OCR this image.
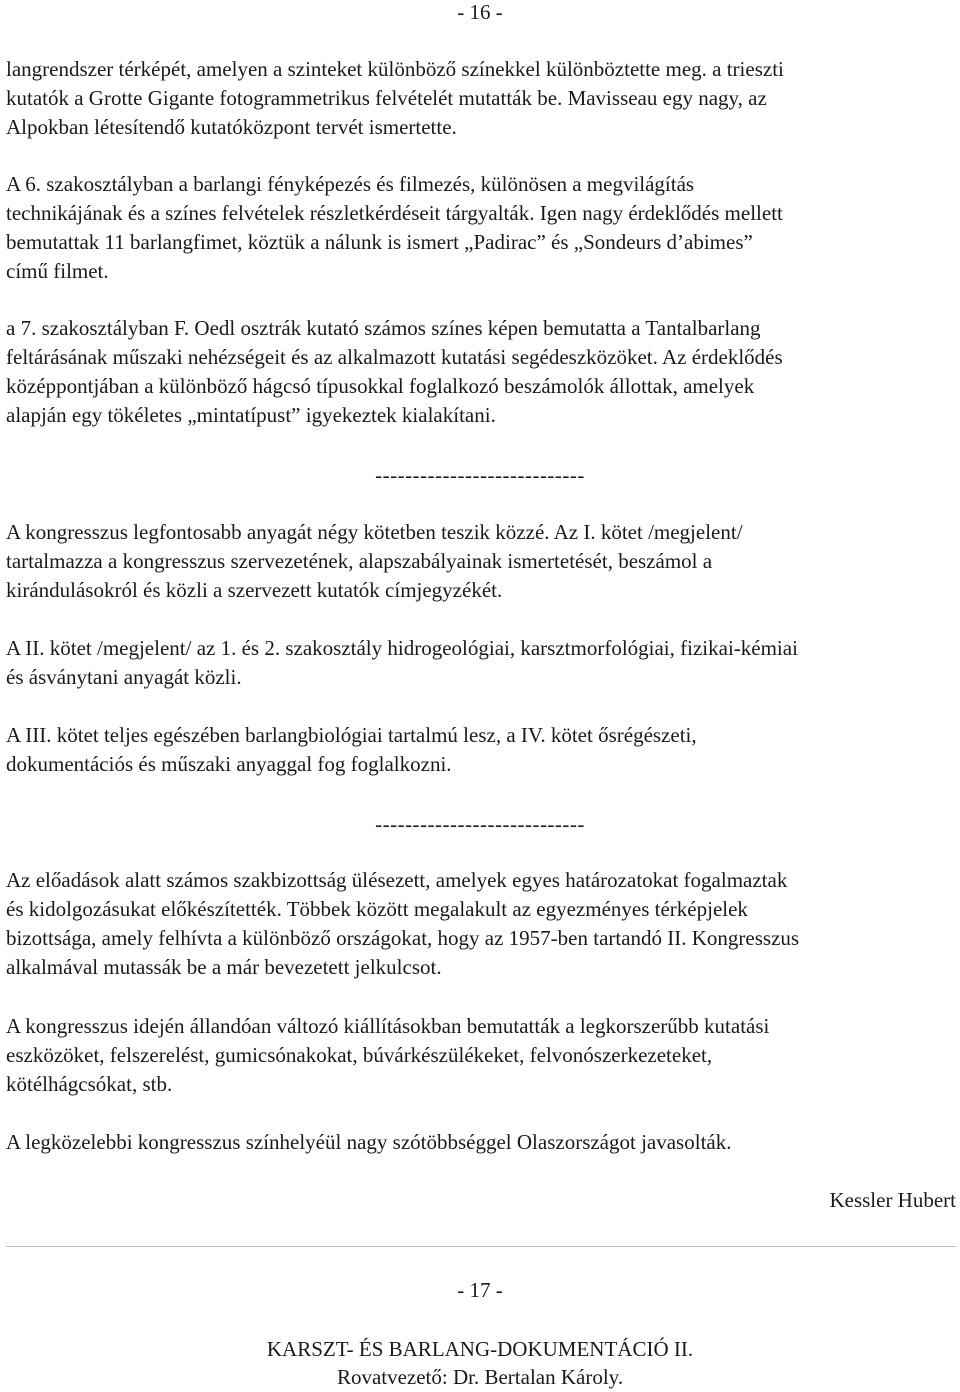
- 16 -
langrendszer térképét, amelyen a szinteket különböző színekkel különböztette meg. a trieszti
kutatók a Grotte Gigante fotogrammetrikus felvételét mutatták be. Mavisseau egy nagy, az
Alpokban létesítendő kutatóközpont tervét ismertette.
A 6. szakosztályban a barlangi fényképezés és filmezés, különösen a megvilágítás
technikájának és a színes felvételek részletkérdéseit tárgyalták. Igen nagy érdeklődés mellett
bemutattak 11 barlangfimet, köztük a nálunk is ismert „Padirac” és „Sondeurs d’abimes”
című filmet.
a 7. szakosztályban F. Oedl osztrák kutató számos színes képen bemutatta a Tantalbarlang
feltárásának műszaki nehézségeit és az alkalmazott kutatási segédeszközöket. Az érdeklődés
középpontjában a különböző hágcsó típusokkal foglalkozó beszámolók állottak, amelyek
alapján egy tökéletes „mintatípust” igyekeztek kialakítani.
----------------------------
A kongresszus legfontosabb anyagát négy kötetben teszik közzé. Az I. kötet /megjelent/
tartalmazza a kongresszus szervezetének, alapszabályainak ismertetését, beszámol a
kirándulásokról és közli a szervezett kutatók címjegyzékét.
A II. kötet /megjelent/ az 1. és 2. szakosztály hidrogeológiai, karsztmorfológiai, fizikai-kémiai
és ásványtani anyagát közli.
A III. kötet teljes egészében barlangbiológiai tartalmú lesz, a IV. kötet ősrégészeti,
dokumentációs és műszaki anyaggal fog foglalkozni.
----------------------------
Az előadások alatt számos szakbizottság ülésezett, amelyek egyes határozatokat fogalmaztak
és kidolgozásukat előkészítették. Többek között megalakult az egyezményes térképjelek
bizottsága, amely felhívta a különböző országokat, hogy az 1957-ben tartandó II. Kongresszus
alkalmával mutassák be a már bevezetett jelkulcsot.
A kongresszus idején állandóan változó kiállításokban bemutatták a legkorszerűbb kutatási
eszközöket, felszerelést, gumicsónakokat, búvárkészülékeket, felvonószerkezeteket,
kötélhágcsókat, stb.
A legközelebbi kongresszus színhelyéül nagy szótöbbséggel Olaszországot javasolták.
Kessler Hubert
- 17 -
KARSZT- ÉS BARLANG-DOKUMENTÁCIÓ II.
Rovatvezető: Dr. Bertalan Károly.
